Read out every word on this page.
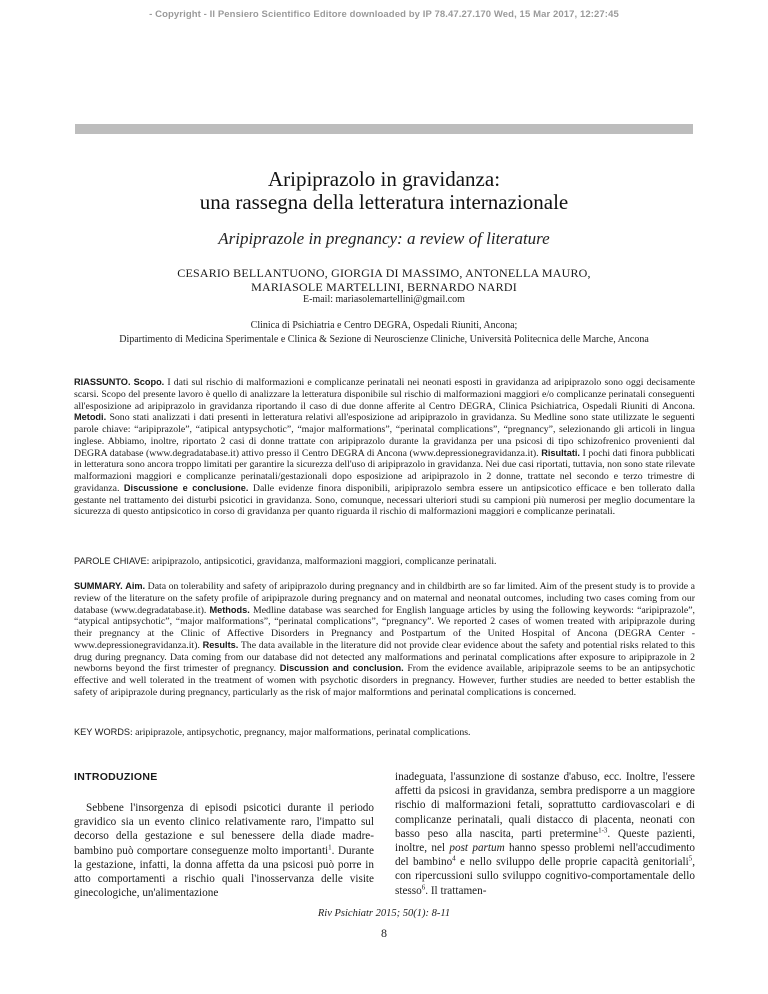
- Copyright - Il Pensiero Scientifico Editore downloaded by IP 78.47.27.170 Wed, 15 Mar 2017, 12:27:45
Aripiprazolo in gravidanza:
una rassegna della letteratura internazionale
Aripiprazole in pregnancy: a review of literature
CESARIO BELLANTUONO, GIORGIA DI MASSIMO, ANTONELLA MAURO,
MARIASOLE MARTELLINI, BERNARDO NARDI
E-mail: mariasolemartellini@gmail.com
Clinica di Psichiatria e Centro DEGRA, Ospedali Riuniti, Ancona;
Dipartimento di Medicina Sperimentale e Clinica & Sezione di Neuroscienze Cliniche, Università Politecnica delle Marche, Ancona
RIASSUNTO. Scopo. I dati sul rischio di malformazioni e complicanze perinatali nei neonati esposti in gravidanza ad aripiprazolo sono oggi decisamente scarsi. Scopo del presente lavoro è quello di analizzare la letteratura disponibile sul rischio di malformazioni maggiori e/o complicanze perinatali conseguenti all'esposizione ad aripiprazolo in gravidanza riportando il caso di due donne afferite al Centro DEGRA, Clinica Psichiatrica, Ospedali Riuniti di Ancona. Metodi. Sono stati analizzati i dati presenti in letteratura relativi all'esposizione ad aripiprazolo in gravidanza. Su Medline sono state utilizzate le seguenti parole chiave: “aripiprazole”, “atipical antypsychotic”, “major malformations”, “perinatal complications”, “pregnancy”, selezionando gli articoli in lingua inglese. Abbiamo, inoltre, riportato 2 casi di donne trattate con aripiprazolo durante la gravidanza per una psicosi di tipo schizofrenico provenienti dal DEGRA database (www.degradatabase.it) attivo presso il Centro DEGRA di Ancona (www.depressionegravidanza.it). Risultati. I pochi dati finora pubblicati in letteratura sono ancora troppo limitati per garantire la sicurezza dell'uso di aripiprazolo in gravidanza. Nei due casi riportati, tuttavia, non sono state rilevate malformazioni maggiori e complicanze perinatali/gestazionali dopo esposizione ad aripiprazolo in 2 donne, trattate nel secondo e terzo trimestre di gravidanza. Discussione e conclusione. Dalle evidenze finora disponibili, aripiprazolo sembra essere un antipsicotico efficace e ben tollerato dalla gestante nel trattamento dei disturbi psicotici in gravidanza. Sono, comunque, necessari ulteriori studi su campioni più numerosi per meglio documentare la sicurezza di questo antipsicotico in corso di gravidanza per quanto riguarda il rischio di malformazioni maggiori e complicanze perinatali.
PAROLE CHIAVE: aripiprazolo, antipsicotici, gravidanza, malformazioni maggiori, complicanze perinatali.
SUMMARY. Aim. Data on tolerability and safety of aripiprazolo during pregnancy and in childbirth are so far limited. Aim of the present study is to provide a review of the literature on the safety profile of aripiprazole during pregnancy and on maternal and neonatal outcomes, including two cases coming from our database (www.degradatabase.it). Methods. Medline database was searched for English language articles by using the following keywords: “aripiprazole”, “atypical antipsychotic”, “major malformations”, “perinatal complications”, “pregnancy”. We reported 2 cases of women treated with aripiprazole during their pregnancy at the Clinic of Affective Disorders in Pregnancy and Postpartum of the United Hospital of Ancona (DEGRA Center - www.depressionegravidanza.it). Results. The data available in the literature did not provide clear evidence about the safety and potential risks related to this drug during pregnancy. Data coming from our database did not detected any malformations and perinatal complications after exposure to aripiprazole in 2 newborns beyond the first trimester of pregnancy. Discussion and conclusion. From the evidence available, aripiprazole seems to be an antipsychotic effective and well tolerated in the treatment of women with psychotic disorders in pregnancy. However, further studies are needed to better establish the safety of aripiprazole during pregnancy, particularly as the risk of major malformtions and perinatal complications is concerned.
KEY WORDS: aripiprazole, antipsychotic, pregnancy, major malformations, perinatal complications.
INTRODUZIONE
Sebbene l'insorgenza di episodi psicotici durante il periodo gravidico sia un evento clinico relativamente raro, l'impatto sul decorso della gestazione e sul benessere della diade madre-bambino può comportare conseguenze molto importanti$^1$. Durante la gestazione, infatti, la donna affetta da una psicosi può porre in atto comportamenti a rischio quali l'inosservanza delle visite ginecologiche, un'alimentazione
inadeguata, l'assunzione di sostanze d'abuso, ecc. Inoltre, l'essere affetti da psicosi in gravidanza, sembra predisporre a un maggiore rischio di malformazioni fetali, soprattutto cardiovascolari e di complicanze perinatali, quali distacco di placenta, neonati con basso peso alla nascita, parti pretermine$^{1-3}$. Queste pazienti, inoltre, nel post partum hanno spesso problemi nell'accudimento del bambino$^4$ e nello sviluppo delle proprie capacità genitoriali$^5$, con ripercussioni sullo sviluppo cognitivo-comportamentale dello stesso$^6$. Il trattamen-
Riv Psichiatr 2015; 50(1): 8-11
8
